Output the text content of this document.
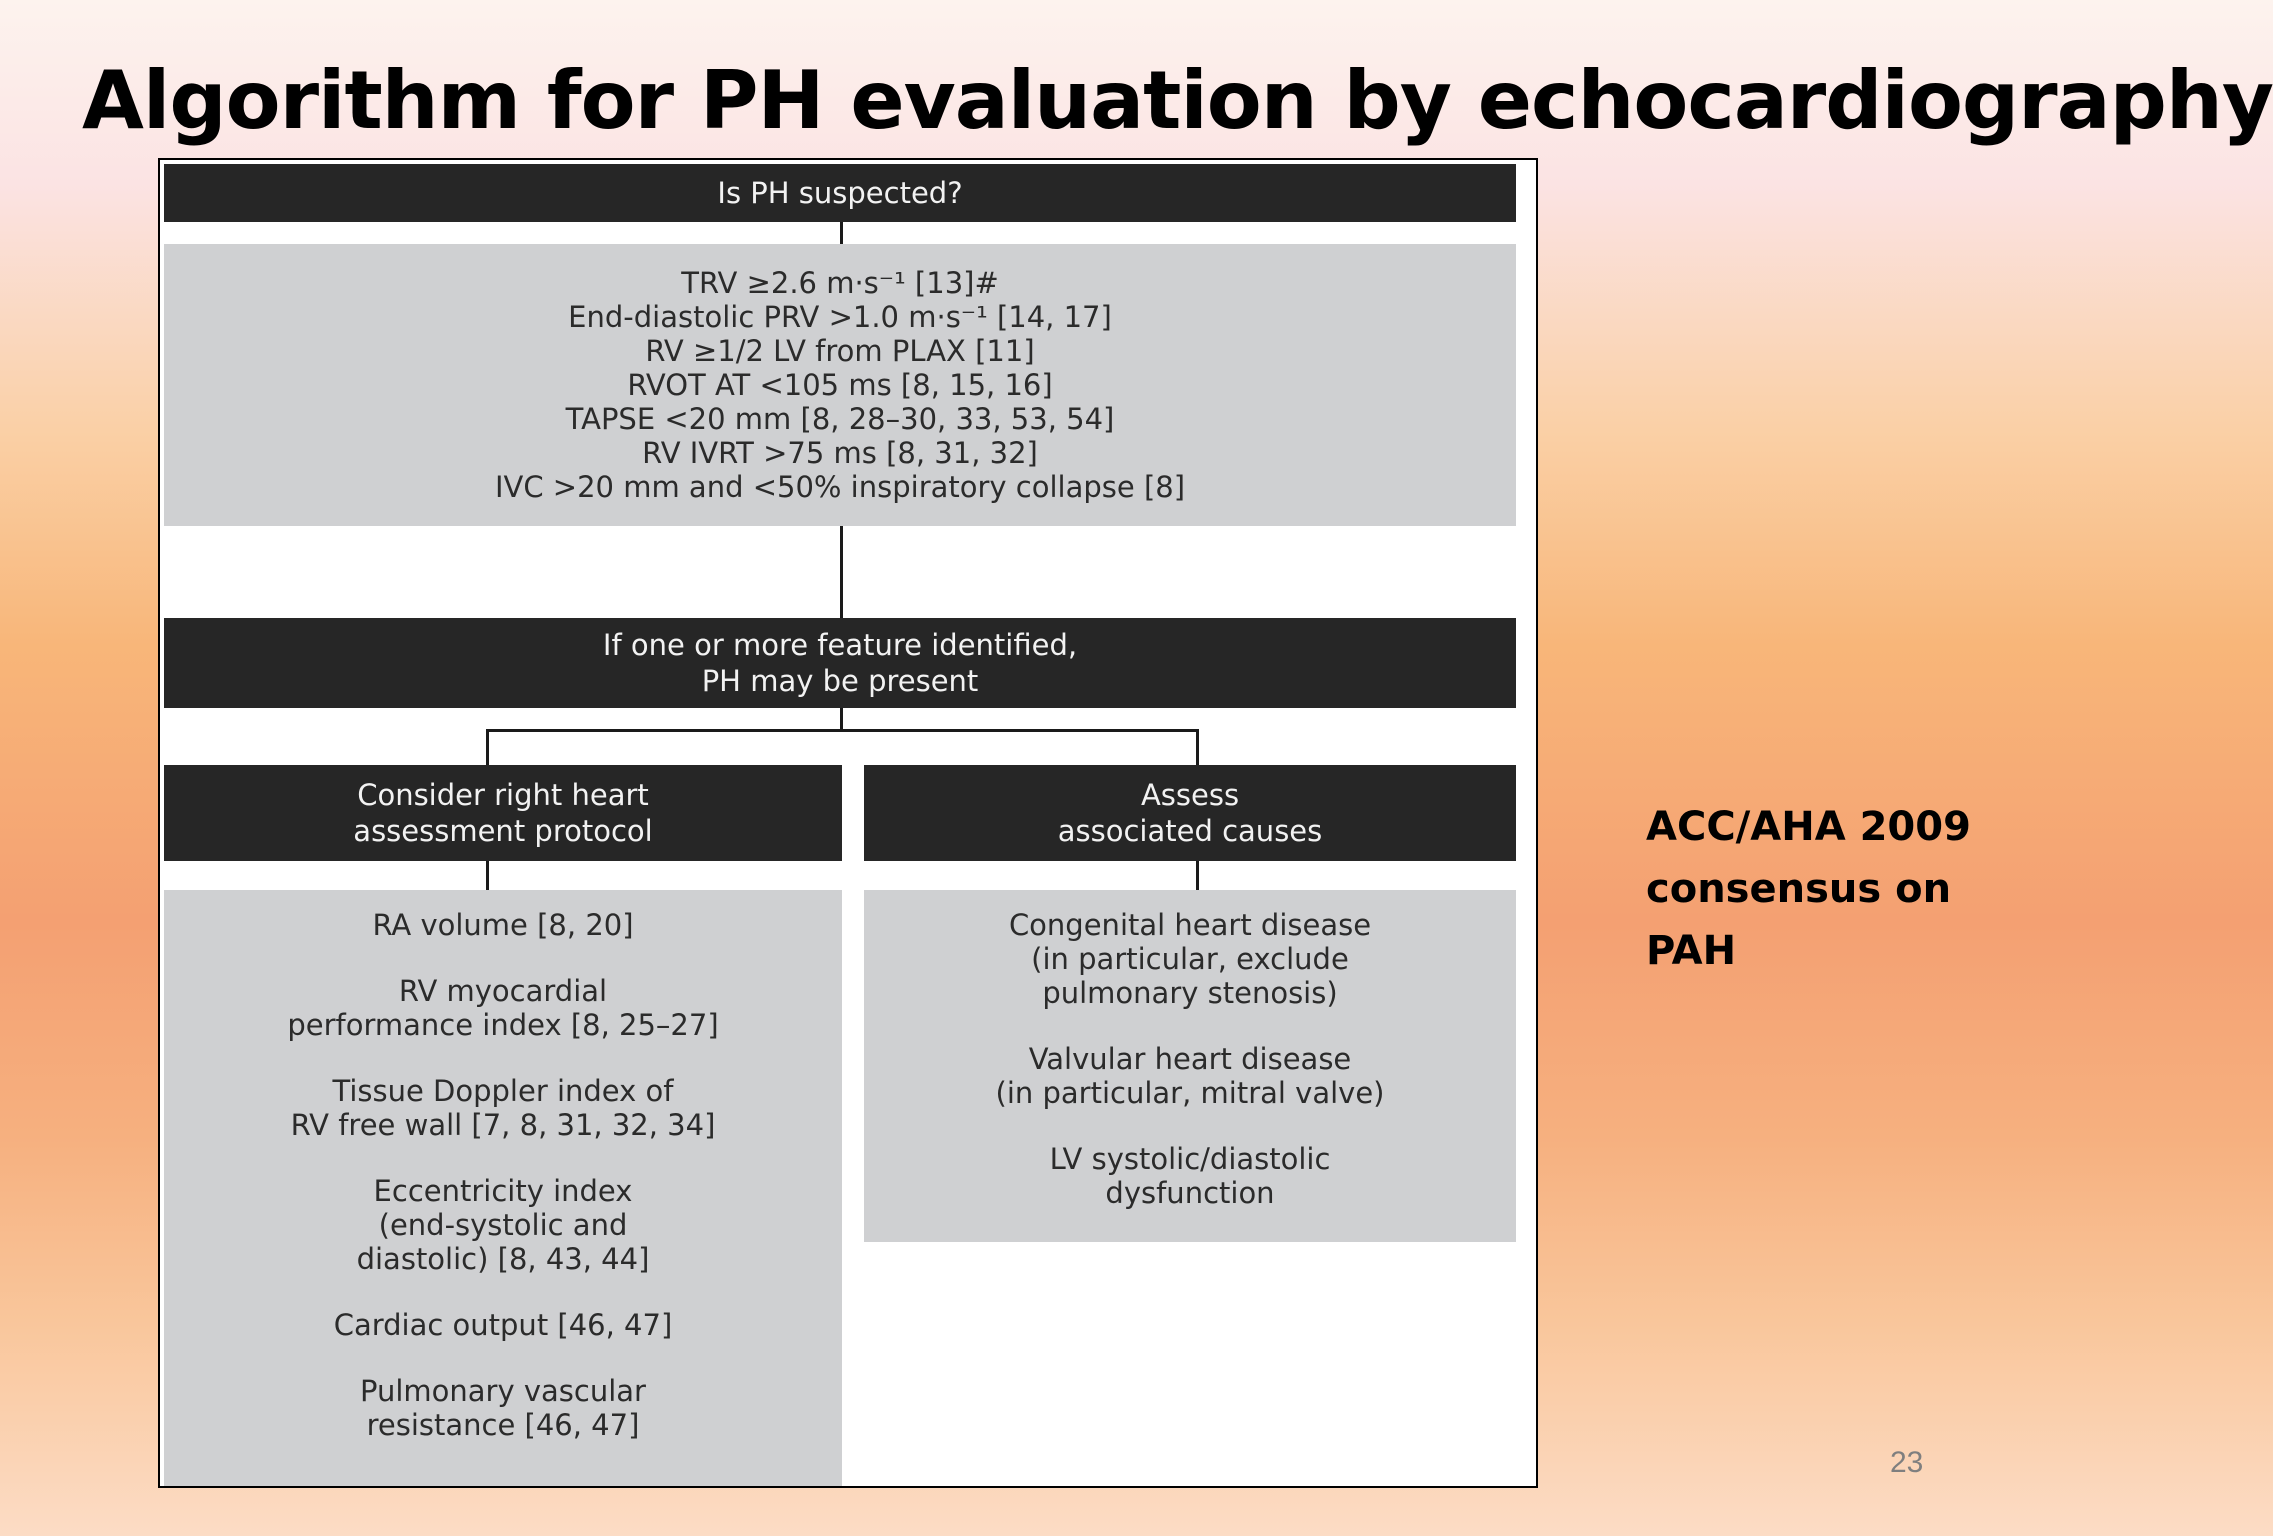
Algorithm for PH evaluation by echocardiography
Is PH suspected?
TRV ≥2.6 m·s⁻¹ [13]#
End-diastolic PRV >1.0 m·s⁻¹ [14, 17]
RV ≥1/2 LV from PLAX [11]
RVOT AT <105 ms [8, 15, 16]
TAPSE <20 mm [8, 28–30, 33, 53, 54]
RV IVRT >75 ms [8, 31, 32]
IVC >20 mm and <50% inspiratory collapse [8]
If one or more feature identified,
PH may be present
Consider right heart
assessment protocol
Assess
associated causes
RA volume [8, 20]
RV myocardial
performance index [8, 25–27]
Tissue Doppler index of
RV free wall [7, 8, 31, 32, 34]
Eccentricity index
(end-systolic and
diastolic) [8, 43, 44]
Cardiac output [46, 47]
Pulmonary vascular
resistance [46, 47]
Congenital heart disease
(in particular, exclude
pulmonary stenosis)
Valvular heart disease
(in particular, mitral valve)
LV systolic/diastolic
dysfunction
ACC/AHA 2009
consensus on PAH
23
